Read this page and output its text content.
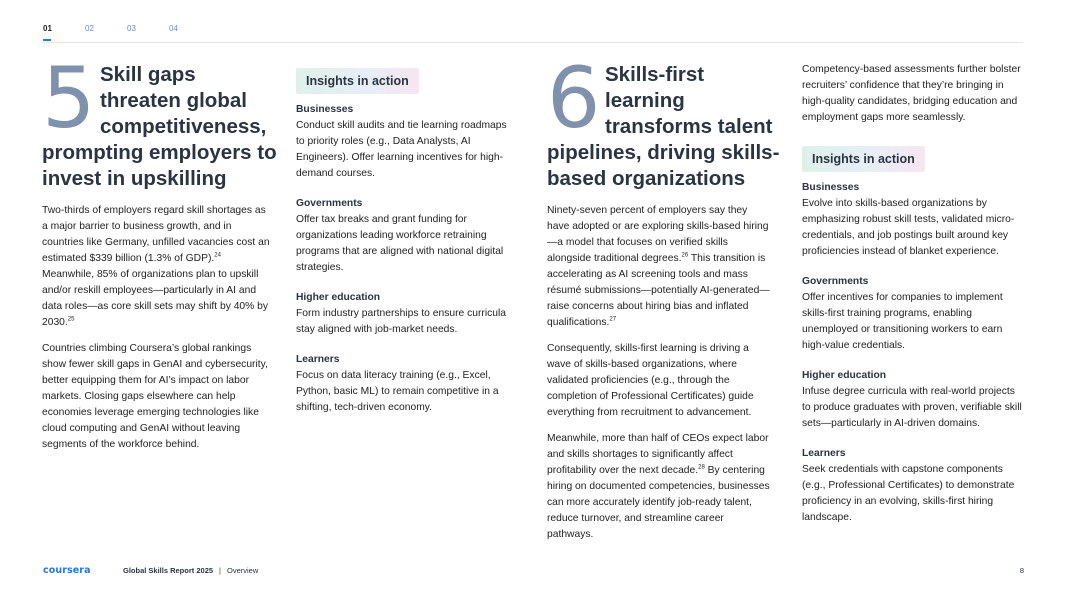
01	02	03	04
5 Skill gaps
threaten global
competitiveness,
prompting employers to
invest in upskilling

Two-thirds of employers regard skill shortages as a major barrier to business growth, and in countries like Germany, unfilled vacancies cost an estimated $339 billion (1.3% of GDP).$^{24}$ Meanwhile, 85% of organizations plan to upskill and/or reskill employees—particularly in AI and data roles—as core skill sets may shift by 40% by 2030.25

Countries climbing Coursera’s global rankings show fewer skill gaps in GenAI and cybersecurity, better equipping them for AI’s impact on labor markets. Closing gaps elsewhere can help economies leverage emerging technologies like cloud computing and GenAI without leaving segments of the workforce behind.

Insights in action

Businesses

Conduct skill audits and tie learning roadmaps to priority roles (e.g., Data Analysts, AI Engineers). Offer learning incentives for high-demand courses.

Governments

Offer tax breaks and grant funding for organizations leading workforce retraining programs that are aligned with national digital strategies.

Higher education

Form industry partnerships to ensure curricula stay aligned with job-market needs.

Learners

Focus on data literacy training (e.g., Excel, Python, basic ML) to remain competitive in a shifting, tech-driven economy.

6 Skills-first
learning
transforms talent
pipelines, driving skills-
based organizations

Ninety-seven percent of employers say they have adopted or are exploring skills-based hiring—a model that focuses on verified skills alongside traditional degrees.$^{26}$ This transition is accelerating as AI screening tools and mass résumé submissions—potentially AI-generated—raise concerns about hiring bias and inflated qualifications.$^{27}$

Consequently, skills-first learning is driving a wave of skills-based organizations, where validated proficiencies (e.g., through the completion of Professional Certificates) guide everything from recruitment to advancement.

Meanwhile, more than half of CEOs expect labor and skills shortages to significantly affect profitability over the next decade.$^{28}$ By centering hiring on documented competencies, businesses can more accurately identify job-ready talent, reduce turnover, and streamline career pathways.

Competency-based assessments further bolster recruiters’ confidence that they’re bringing in high-quality candidates, bridging education and employment gaps more seamlessly.

Insights in action

Businesses

Evolve into skills-based organizations by emphasizing robust skill tests, validated micro-credentials, and job postings built around key proficiencies instead of blanket experience.

Governments

Offer incentives for companies to implement skills-first training programs, enabling unemployed or transitioning workers to earn high-value credentials.

Higher education

Infuse degree curricula with real-world projects to produce graduates with proven, verifiable skill sets—particularly in AI-driven domains.

Learners

Seek credentials with capstone components (e.g., Professional Certificates) to demonstrate proficiency in an evolving, skills-first hiring landscape.

coursera	Global Skills Report 2025 | Overview	8
